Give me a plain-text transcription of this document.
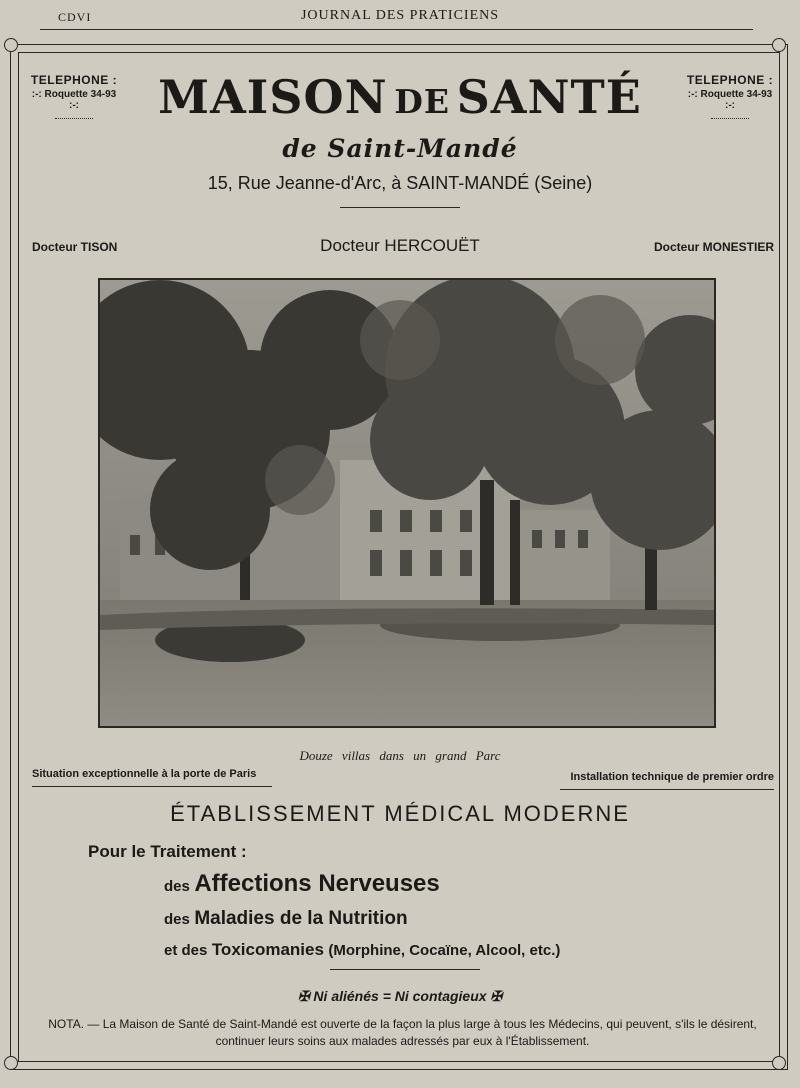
CDVI	JOURNAL DES PRATICIENS
TELEPHONE :
:-: Roquette 34-93 :-:
TELEPHONE :
:-: Roquette 34-93 :-:
MAISON DE SANTÉ
de Saint-Mandé
15, Rue Jeanne-d'Arc, à SAINT-MANDÉ (Seine)
Docteur TISON	Docteur HERCOUËT	Docteur MONESTIER
Douze villas dans un grand Parc
Situation exceptionnelle à la porte de Paris	Installation technique de premier ordre
ÉTABLISSEMENT MÉDICAL MODERNE
Pour le Traitement :
des Affections Nerveuses
des Maladies de la Nutrition
et des Toxicomanies (Morphine, Cocaïne, Alcool, etc.)
✠ Ni aliénés = Ni contagieux ✠
NOTA. — La Maison de Santé de Saint-Mandé est ouverte de la façon la plus large à tous les Médecins, qui peuvent, s'ils le désirent, continuer leurs soins aux malades adressés par eux à l'Établissement.
